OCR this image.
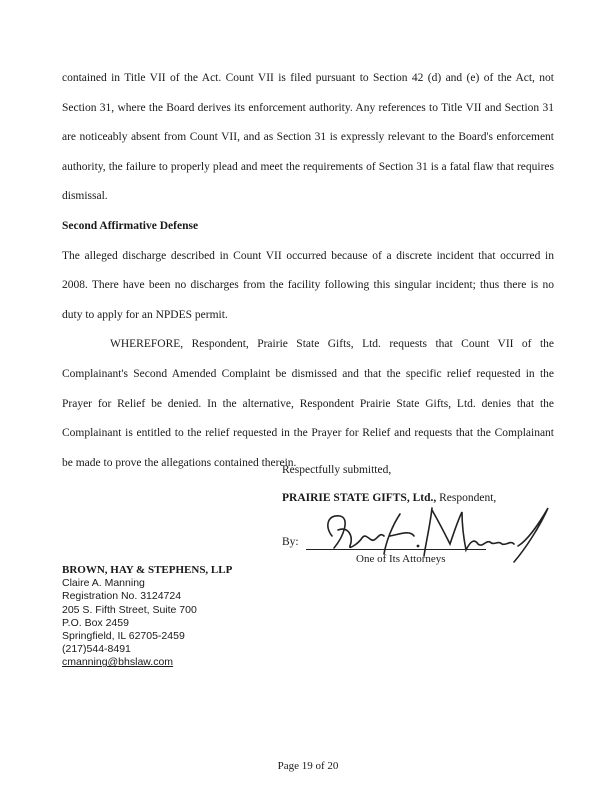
contained in Title VII of the Act. Count VII is filed pursuant to Section 42 (d) and (e) of the Act, not Section 31, where the Board derives its enforcement authority. Any references to Title VII and Section 31 are noticeably absent from Count VII, and as Section 31 is expressly relevant to the Board's enforcement authority, the failure to properly plead and meet the requirements of Section 31 is a fatal flaw that requires dismissal.

Second Affirmative Defense

The alleged discharge described in Count VII occurred because of a discrete incident that occurred in 2008. There have been no discharges from the facility following this singular incident; thus there is no duty to apply for an NPDES permit.

WHEREFORE, Respondent, Prairie State Gifts, Ltd. requests that Count VII of the Complainant's Second Amended Complaint be dismissed and that the specific relief requested in the Prayer for Relief be denied. In the alternative, Respondent Prairie State Gifts, Ltd. denies that the Complainant is entitled to the relief requested in the Prayer for Relief and requests that the Complainant be made to prove the allegations contained therein.

Respectfully submitted,
PRAIRIE STATE GIFTS, Ltd., Respondent,
By:
One of Its Attorneys
BROWN, HAY & STEPHENS, LLP
Claire A. Manning
Registration No. 3124724
205 S. Fifth Street, Suite 700
P.O. Box 2459
Springfield, IL 62705-2459
(217)544-8491
cmanning@bhslaw.com
Page 19 of 20
